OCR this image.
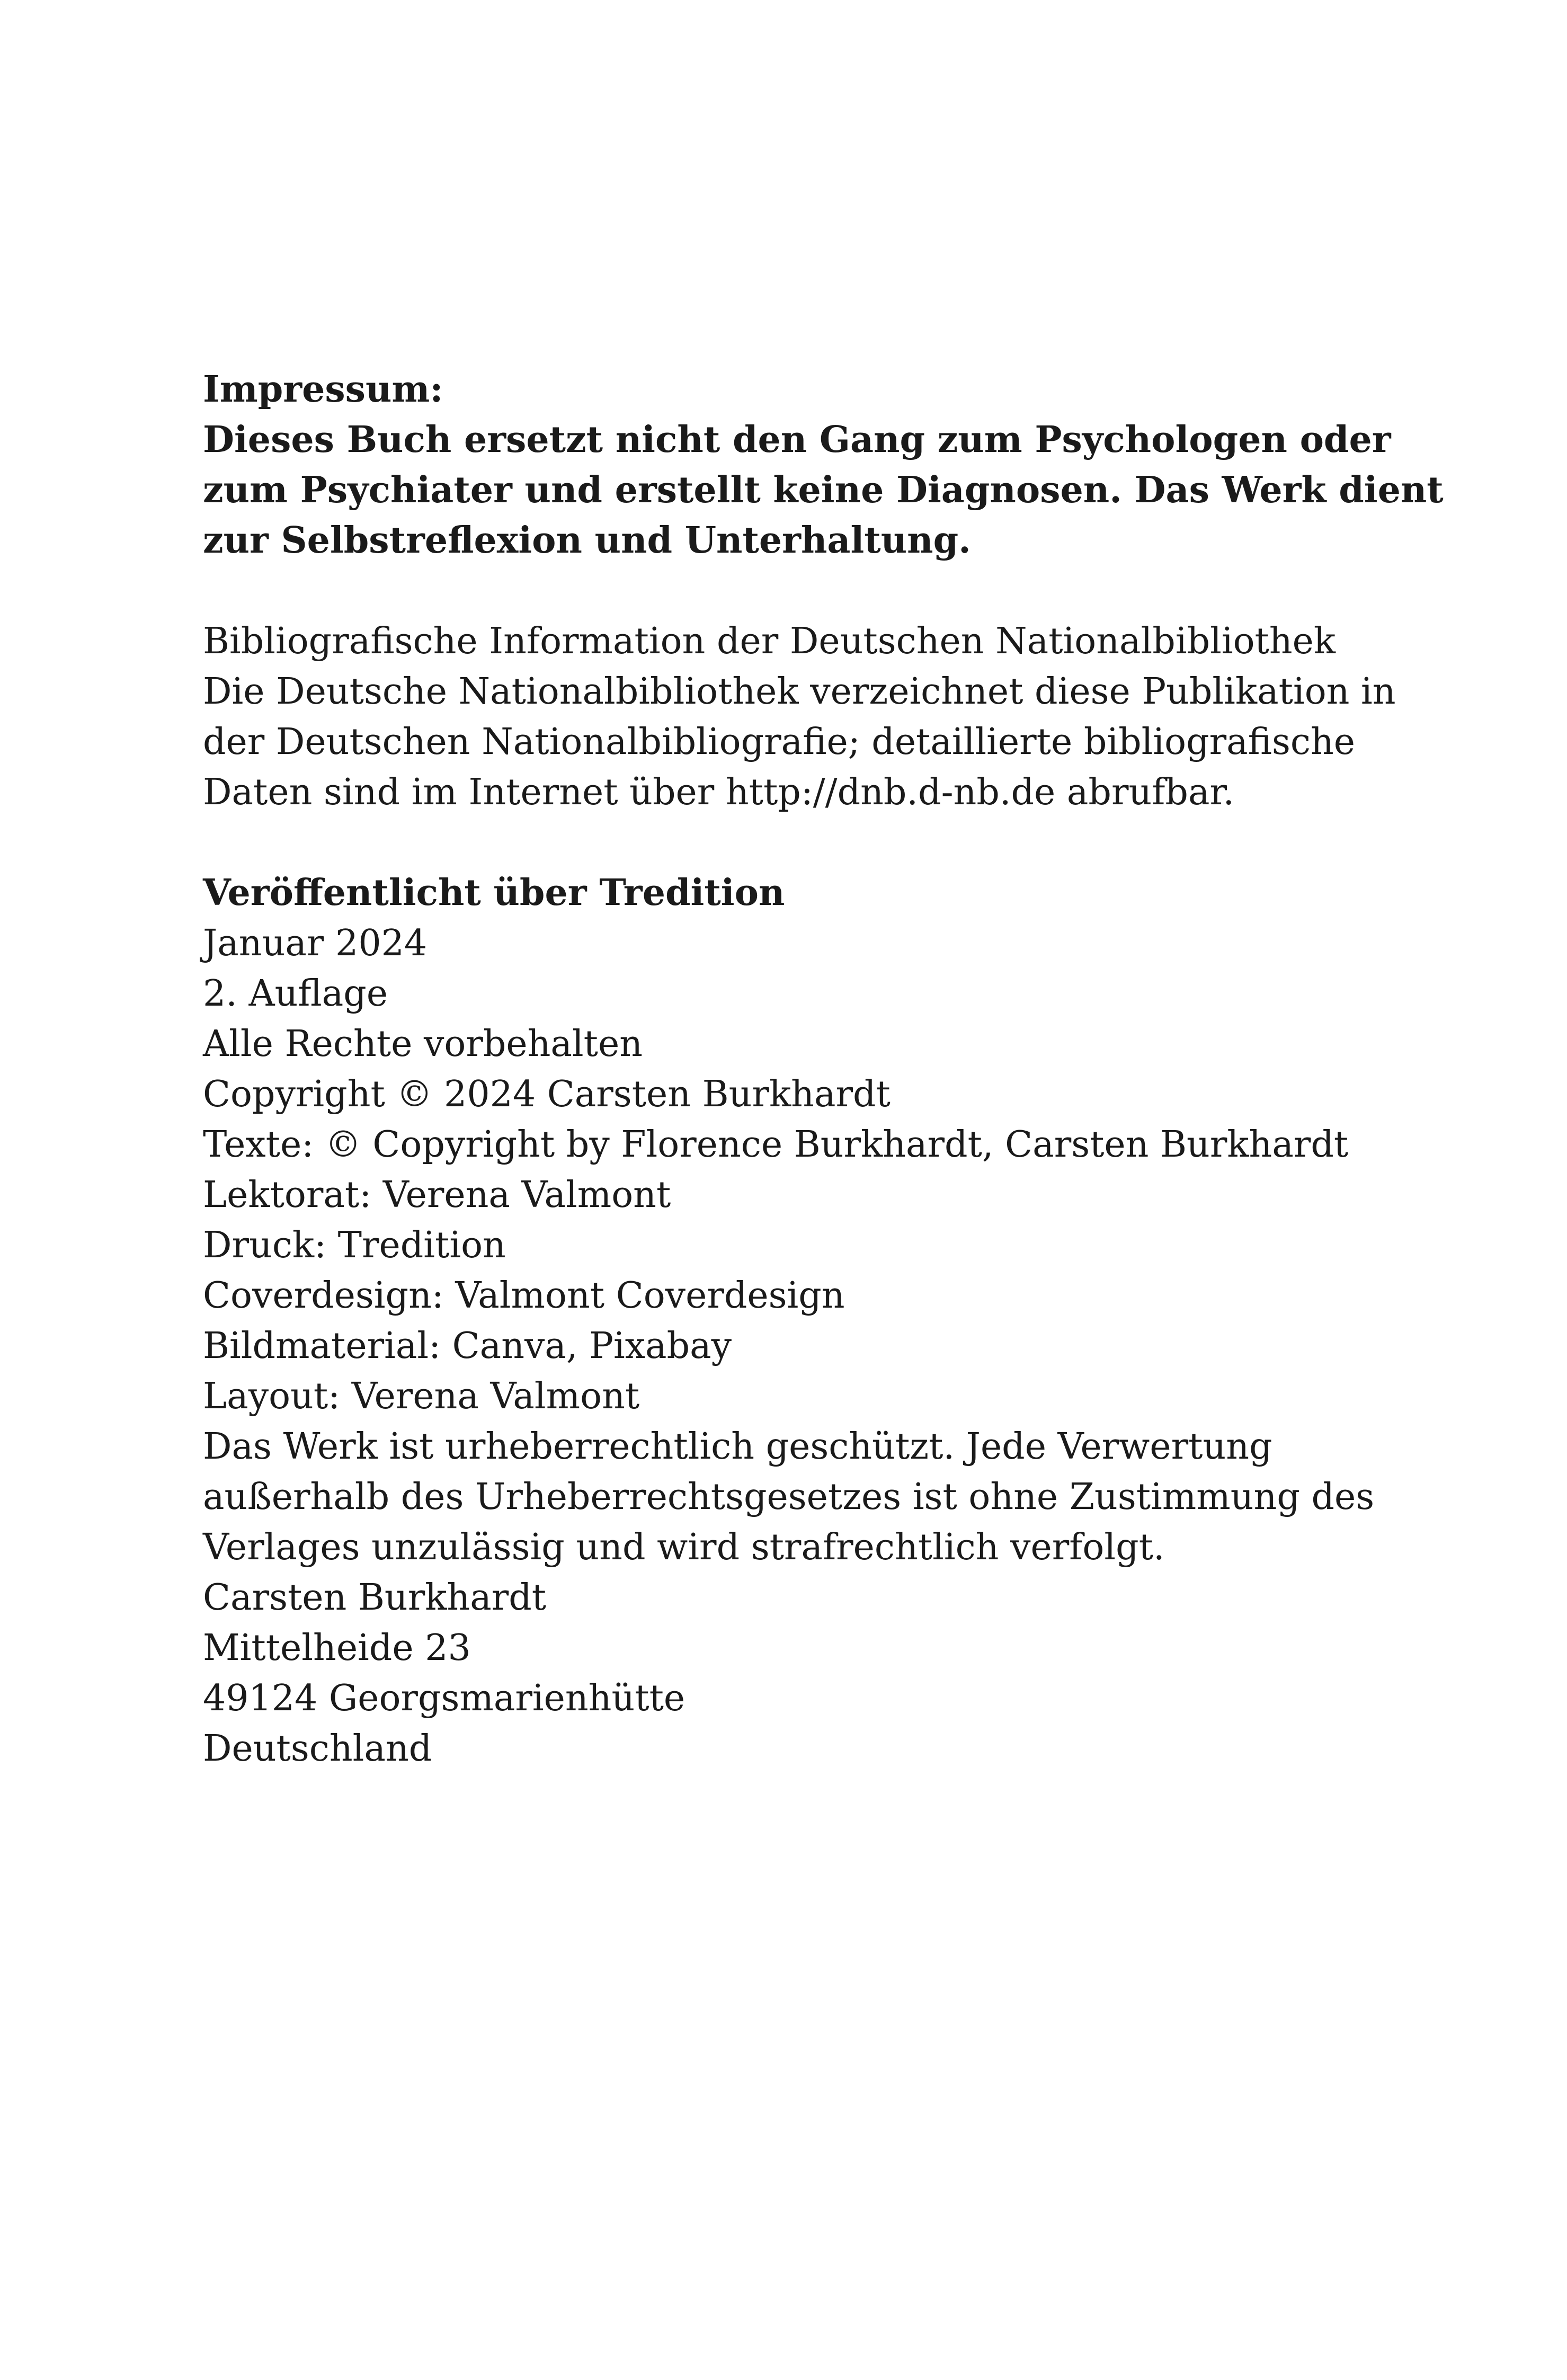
Impressum:
Dieses Buch ersetzt nicht den Gang zum Psychologen oder
zum Psychiater und erstellt keine Diagnosen. Das Werk dient
zur Selbstreflexion und Unterhaltung.
Bibliografische Information der Deutschen Nationalbibliothek
Die Deutsche Nationalbibliothek verzeichnet diese Publikation in
der Deutschen Nationalbibliografie; detaillierte bibliografische
Daten sind im Internet über http://dnb.d-nb.de abrufbar.
Veröffentlicht über Tredition
Januar 2024
2. Auflage
Alle Rechte vorbehalten
Copyright © 2024 Carsten Burkhardt
Texte: © Copyright by Florence Burkhardt, Carsten Burkhardt
Lektorat: Verena Valmont
Druck: Tredition
Coverdesign: Valmont Coverdesign
Bildmaterial: Canva, Pixabay
Layout: Verena Valmont
Das Werk ist urheberrechtlich geschützt. Jede Verwertung
außerhalb des Urheberrechtsgesetzes ist ohne Zustimmung des
Verlages unzulässig und wird strafrechtlich verfolgt.
Carsten Burkhardt
Mittelheide 23
49124 Georgsmarienhütte
Deutschland
